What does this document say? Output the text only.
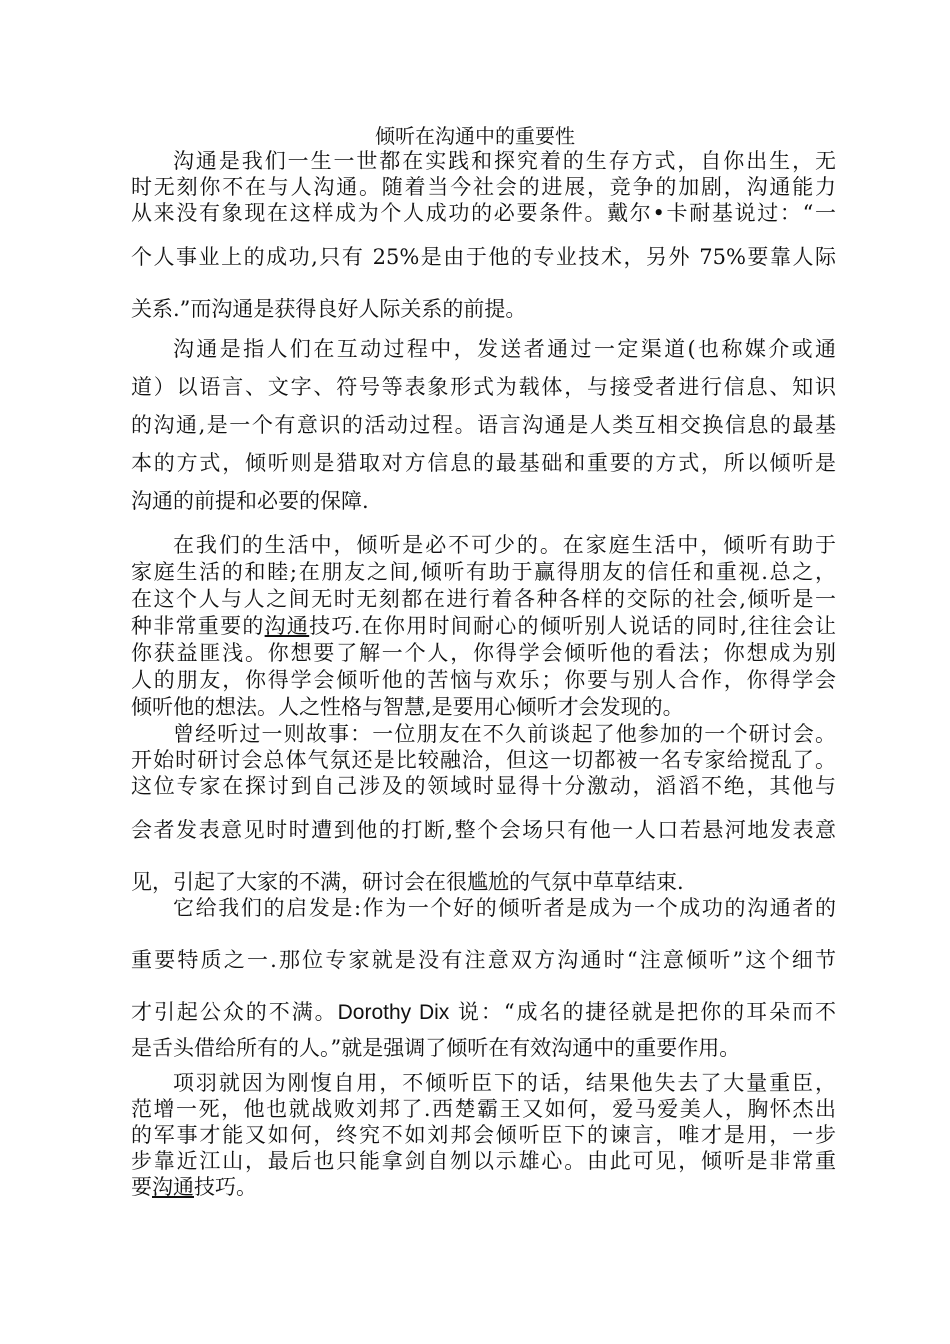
倾听在沟通中的重要性
沟通是我们一生一世都在实践和探究着的生存方式，自你出生，无
时无刻你不在与人沟通。随着当今社会的进展，竞争的加剧，沟通能力
从来没有象现在这样成为个人成功的必要条件。戴尔•卡耐基说过：“一
个人事业上的成功,只有 25%是由于他的专业技术，另外 75%要靠人际
关系.”而沟通是获得良好人际关系的前提。
沟通是指人们在互动过程中，发送者通过一定渠道(也称媒介或通
道）以语言、文字、符号等表象形式为载体，与接受者进行信息、知识
的沟通,是一个有意识的活动过程。语言沟通是人类互相交换信息的最基
本的方式，倾听则是猎取对方信息的最基础和重要的方式，所以倾听是
沟通的前提和必要的保障.
在我们的生活中，倾听是必不可少的。在家庭生活中，倾听有助于
家庭生活的和睦;在朋友之间,倾听有助于赢得朋友的信任和重视.总之，
在这个人与人之间无时无刻都在进行着各种各样的交际的社会,倾听是一
种非常重要的沟通技巧.在你用时间耐心的倾听别人说话的同时,往往会让
你获益匪浅。你想要了解一个人，你得学会倾听他的看法；你想成为别
人的朋友，你得学会倾听他的苦恼与欢乐；你要与别人合作，你得学会
倾听他的想法。人之性格与智慧,是要用心倾听才会发现的。
曾经听过一则故事：一位朋友在不久前谈起了他参加的一个研讨会。
开始时研讨会总体气氛还是比较融洽，但这一切都被一名专家给搅乱了。
这位专家在探讨到自己涉及的领域时显得十分激动，滔滔不绝，其他与
会者发表意见时时遭到他的打断,整个会场只有他一人口若悬河地发表意
见，引起了大家的不满，研讨会在很尴尬的气氛中草草结束.
它给我们的启发是:作为一个好的倾听者是成为一个成功的沟通者的
重要特质之一.那位专家就是没有注意双方沟通时“注意倾听”这个细节
才引起公众的不满。Dorothy Dix 说：“成名的捷径就是把你的耳朵而不
是舌头借给所有的人。”就是强调了倾听在有效沟通中的重要作用。
项羽就因为刚愎自用，不倾听臣下的话，结果他失去了大量重臣，
范增一死，他也就战败刘邦了.西楚霸王又如何，爱马爱美人，胸怀杰出
的军事才能又如何，终究不如刘邦会倾听臣下的谏言，唯才是用，一步
步靠近江山，最后也只能拿剑自刎以示雄心。由此可见，倾听是非常重
要沟通技巧。
